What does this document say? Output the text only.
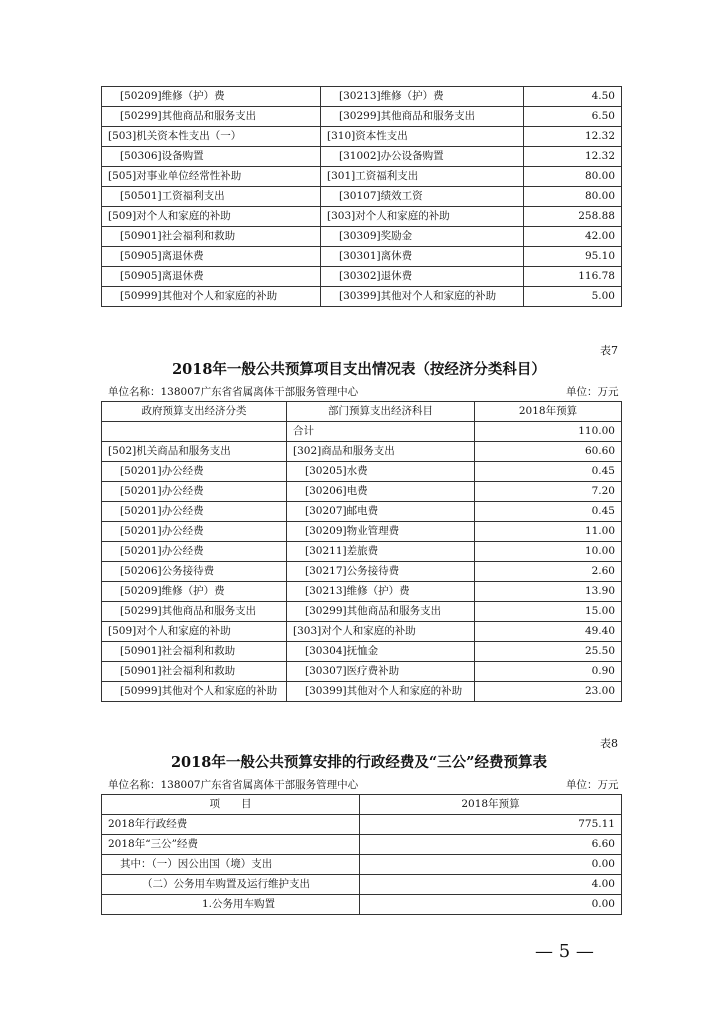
[50209]维修（护）费	[30213]维修（护）费	4.50
[50299]其他商品和服务支出	[30299]其他商品和服务支出	6.50
[503]机关资本性支出（一）	[310]资本性支出	12.32
[50306]设备购置	[31002]办公设备购置	12.32
[505]对事业单位经常性补助	[301]工资福利支出	80.00
[50501]工资福利支出	[30107]绩效工资	80.00
[509]对个人和家庭的补助	[303]对个人和家庭的补助	258.88
[50901]社会福利和救助	[30309]奖励金	42.00
[50905]离退休费	[30301]离休费	95.10
[50905]离退休费	[30302]退休费	116.78
[50999]其他对个人和家庭的补助	[30399]其他对个人和家庭的补助	5.00
表7
2018年一般公共预算项目支出情况表（按经济分类科目）
单位名称：138007广东省省属离体干部服务管理中心	单位：万元
政府预算支出经济分类	部门预算支出经济科目	2018年预算
	合计	110.00
[502]机关商品和服务支出	[302]商品和服务支出	60.60
[50201]办公经费	[30205]水费	0.45
[50201]办公经费	[30206]电费	7.20
[50201]办公经费	[30207]邮电费	0.45
[50201]办公经费	[30209]物业管理费	11.00
[50201]办公经费	[30211]差旅费	10.00
[50206]公务接待费	[30217]公务接待费	2.60
[50209]维修（护）费	[30213]维修（护）费	13.90
[50299]其他商品和服务支出	[30299]其他商品和服务支出	15.00
[509]对个人和家庭的补助	[303]对个人和家庭的补助	49.40
[50901]社会福利和救助	[30304]抚恤金	25.50
[50901]社会福利和救助	[30307]医疗费补助	0.90
[50999]其他对个人和家庭的补助	[30399]其他对个人和家庭的补助	23.00
表8
2018年一般公共预算安排的行政经费及“三公”经费预算表
单位名称：138007广东省省属离体干部服务管理中心	单位：万元
项　　目	2018年预算
2018年行政经费	775.11
2018年“三公”经费	6.60
其中：（一）因公出国（境）支出	0.00
（二）公务用车购置及运行维护支出	4.00
1.公务用车购置	0.00
— 5 —
